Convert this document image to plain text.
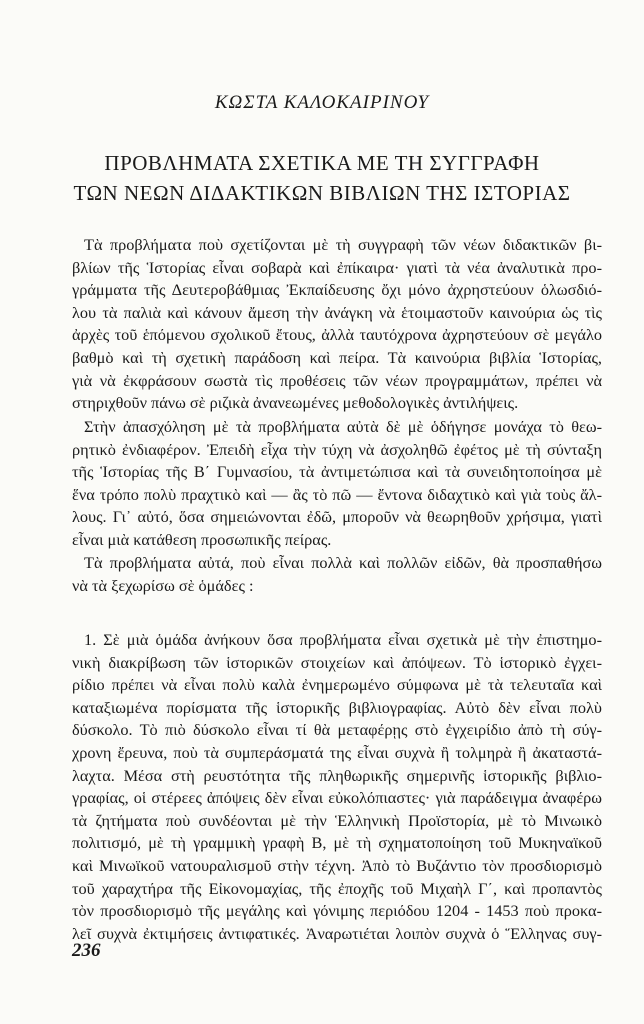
ΚΩΣΤΑ ΚΑΛΟΚΑΙΡΙΝΟΥ
ΠΡΟΒΛΗΜΑΤΑ ΣΧΕΤΙΚΑ ΜΕ ΤΗ ΣΥΓΓΡΑΦΗ
ΤΩΝ ΝΕΩΝ ΔΙΔΑΚΤΙΚΩΝ ΒΙΒΛΙΩΝ ΤΗΣ ΙΣΤΟΡΙΑΣ
Τὰ προβλήματα ποὺ σχετίζονται μὲ τὴ συγγραφὴ τῶν νέων διδακτικῶν βι-
βλίων τῆς Ἱστορίας εἶναι σοβαρὰ καὶ ἐπίκαιρα· γιατὶ τὰ νέα ἀναλυτικὰ προ-
γράμματα τῆς Δευτεροβάθμιας Ἐκπαίδευσης ὄχι μόνο ἀχρηστεύουν ὁλωσδιό-
λου τὰ παλιὰ καὶ κάνουν ἄμεση τὴν ἀνάγκη νὰ ἑτοιμαστοῦν καινούρια ὡς τὶς
ἀρχὲς τοῦ ἑπόμενου σχολικοῦ ἔτους, ἀλλὰ ταυτόχρονα ἀχρηστεύουν σὲ μεγάλο
βαθμὸ καὶ τὴ σχετικὴ παράδοση καὶ πείρα. Τὰ καινούρια βιβλία Ἱστορίας,
γιὰ νὰ ἐκφράσουν σωστὰ τὶς προθέσεις τῶν νέων προγραμμάτων, πρέπει νὰ
στηριχθοῦν πάνω σὲ ριζικὰ ἀνανεωμένες μεθοδολογικὲς ἀντιλήψεις.
Στὴν ἀπασχόληση μὲ τὰ προβλήματα αὐτὰ δὲ μὲ ὁδήγησε μονάχα τὸ θεω-
ρητικὸ ἐνδιαφέρον. Ἐπειδὴ εἶχα τὴν τύχη νὰ ἀσχοληθῶ ἐφέτος μὲ τὴ σύνταξη
τῆς Ἱστορίας τῆς Β΄ Γυμνασίου, τὰ ἀντιμετώπισα καὶ τὰ συνειδητοποίησα μὲ
ἕνα τρόπο πολὺ πραχτικὸ καὶ — ἂς τὸ πῶ — ἔντονα διδαχτικὸ καὶ γιὰ τοὺς ἄλ-
λους. Γι᾽ αὐτό, ὅσα σημειώνονται ἐδῶ, μποροῦν νὰ θεωρηθοῦν χρήσιμα, γιατὶ
εἶναι μιὰ κατάθεση προσωπικῆς πείρας.
Τὰ προβλήματα αὐτά, ποὺ εἶναι πολλὰ καὶ πολλῶν εἰδῶν, θὰ προσπαθήσω
νὰ τὰ ξεχωρίσω σὲ ὁμάδες :
1. Σὲ μιὰ ὁμάδα ἀνήκουν ὅσα προβλήματα εἶναι σχετικὰ μὲ τὴν ἐπιστημο-
νικὴ διακρίβωση τῶν ἱστορικῶν στοιχείων καὶ ἀπόψεων. Τὸ ἱστορικὸ ἐγχει-
ρίδιο πρέπει νὰ εἶναι πολὺ καλὰ ἐνημερωμένο σύμφωνα μὲ τὰ τελευταῖα καὶ
καταξιωμένα πορίσματα τῆς ἱστορικῆς βιβλιογραφίας. Αὐτὸ δὲν εἶναι πολὺ
δύσκολο. Τὸ πιὸ δύσκολο εἶναι τί θὰ μεταφέρῃς στὸ ἐγχειρίδιο ἀπὸ τὴ σύγ-
χρονη ἔρευνα, ποὺ τὰ συμπεράσματά της εἶναι συχνὰ ἢ τολμηρὰ ἢ ἀκαταστά-
λαχτα. Μέσα στὴ ρευστότητα τῆς πληθωρικῆς σημερινῆς ἱστορικῆς βιβλιο-
γραφίας, οἱ στέρεες ἀπόψεις δὲν εἶναι εὐκολόπιαστες· γιὰ παράδειγμα ἀναφέρω
τὰ ζητήματα ποὺ συνδέονται μὲ τὴν Ἑλληνικὴ Προϊστορία, μὲ τὸ Μινωικὸ
πολιτισμό, μὲ τὴ γραμμικὴ γραφὴ Β, μὲ τὴ σχηματοποίηση τοῦ Μυκηναϊκοῦ
καὶ Μινωϊκοῦ νατουραλισμοῦ στὴν τέχνη. Ἀπὸ τὸ Βυζάντιο τὸν προσδιορισμὸ
τοῦ χαραχτήρα τῆς Εἰκονομαχίας, τῆς ἐποχῆς τοῦ Μιχαὴλ Γ΄, καὶ προπαντὸς
τὸν προσδιορισμὸ τῆς μεγάλης καὶ γόνιμης περιόδου 1204 - 1453 ποὺ προκα-
λεῖ συχνὰ ἐκτιμήσεις ἀντιφατικές. Ἀναρωτιέται λοιπὸν συχνὰ ὁ Ἕλληνας συγ-
236
